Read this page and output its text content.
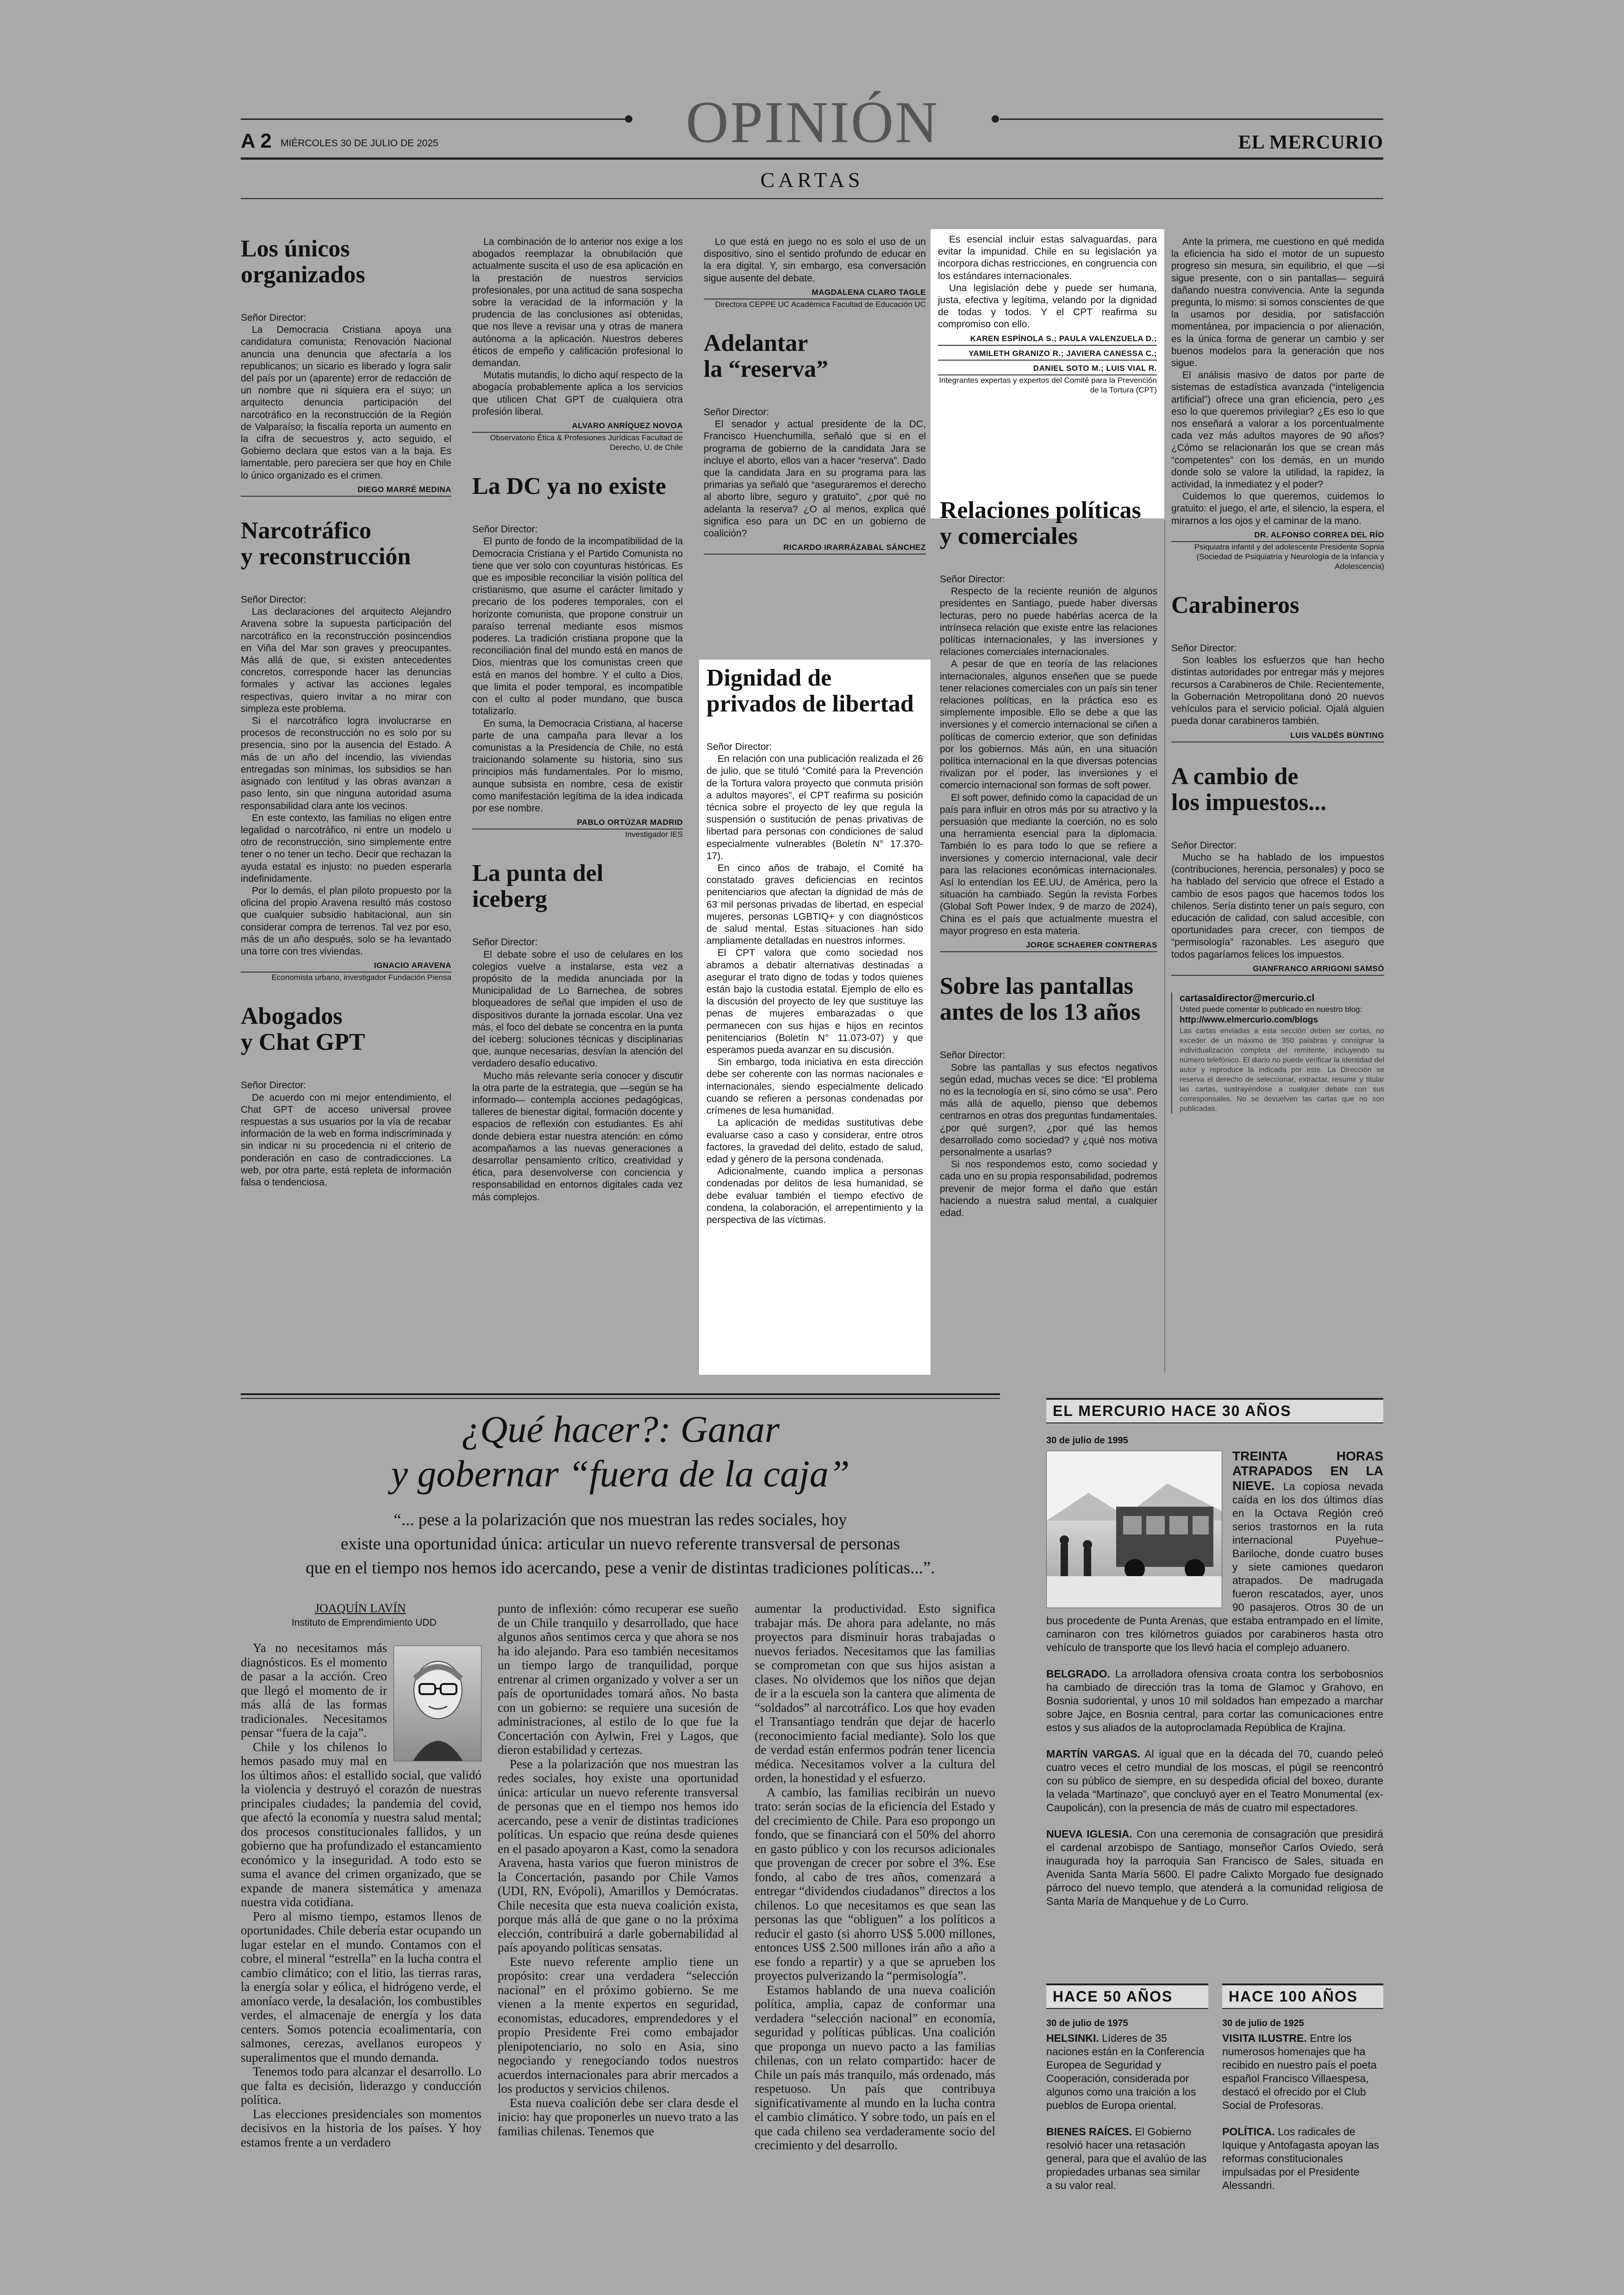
OPINIÓN
A 2 MIÉRCOLES 30 DE JULIO DE 2025	EL MERCURIO
CARTAS
Los únicos
organizados

Señor Director:

La Democracia Cristiana apoya una candidatura comunista; Renovación Nacional anuncia una denuncia que afectaría a los republicanos; un sicario es liberado y logra salir del país por un (aparente) error de redacción de un nombre que ni siquiera era el suyo; un arquitecto denuncia participación del narcotráfico en la reconstrucción de la Región de Valparaíso; la fiscalía reporta un aumento en la cifra de secuestros y, acto seguido, el Gobierno declara que estos van a la baja. Es lamentable, pero pareciera ser que hoy en Chile lo único organizado es el crimen.

DIEGO MARRÉ MEDINA
Narcotráfico
y reconstrucción

Señor Director:

Las declaraciones del arquitecto Alejandro Aravena sobre la supuesta participación del narcotráfico en la reconstrucción posincendios en Viña del Mar son graves y preocupantes. Más allá de que, si existen antecedentes concretos, corresponde hacer las denuncias formales y activar las acciones legales respectivas, quiero invitar a no mirar con simpleza este problema.

Si el narcotráfico logra involucrarse en procesos de reconstrucción no es solo por su presencia, sino por la ausencia del Estado. A más de un año del incendio, las viviendas entregadas son mínimas, los subsidios se han asignado con lentitud y las obras avanzan a paso lento, sin que ninguna autoridad asuma responsabilidad clara ante los vecinos.

En este contexto, las familias no eligen entre legalidad o narcotráfico, ni entre un modelo u otro de reconstrucción, sino simplemente entre tener o no tener un techo. Decir que rechazan la ayuda estatal es injusto: no pueden esperarla indefinidamente.

Por lo demás, el plan piloto propuesto por la oficina del propio Aravena resultó más costoso que cualquier subsidio habitacional, aun sin considerar compra de terrenos. Tal vez por eso, más de un año después, solo se ha levantado una torre con tres viviendas.

IGNACIO ARAVENA

Economista urbano, investigador Fundación Piensa

Abogados
y Chat GPT

Señor Director:

De acuerdo con mi mejor entendimiento, el Chat GPT de acceso universal provee respuestas a sus usuarios por la vía de recabar información de la web en forma indiscriminada y sin indicar ni su procedencia ni el criterio de ponderación en caso de contradicciones. La web, por otra parte, está repleta de información falsa o tendenciosa.

La combinación de lo anterior nos exige a los abogados reemplazar la obnubilación que actualmente suscita el uso de esa aplicación en la prestación de nuestros servicios profesionales, por una actitud de sana sospecha sobre la veracidad de la información y la prudencia de las conclusiones así obtenidas, que nos lleve a revisar una y otras de manera autónoma a la aplicación. Nuestros deberes éticos de empeño y calificación profesional lo demandan.

Mutatis mutandis, lo dicho aquí respecto de la abogacía probablemente aplica a los servicios que utilicen Chat GPT de cualquiera otra profesión liberal.

ALVARO ANRÍQUEZ NOVOA

Observatorio Ética & Profesiones Jurídicas Facultad de Derecho, U. de Chile

La DC ya no existe

Señor Director:

El punto de fondo de la incompatibilidad de la Democracia Cristiana y el Partido Comunista no tiene que ver solo con coyunturas históricas. Es que es imposible reconciliar la visión política del cristianismo, que asume el carácter limitado y precario de los poderes temporales, con el horizonte comunista, que propone construir un paraíso terrenal mediante esos mismos poderes. La tradición cristiana propone que la reconciliación final del mundo está en manos de Dios, mientras que los comunistas creen que está en manos del hombre. Y el culto a Dios, que limita el poder temporal, es incompatible con el culto al poder mundano, que busca totalizarlo.

En suma, la Democracia Cristiana, al hacerse parte de una campaña para llevar a los comunistas a la Presidencia de Chile, no está traicionando solamente su historia, sino sus principios más fundamentales. Por lo mismo, aunque subsista en nombre, cesa de existir como manifestación legítima de la idea indicada por ese nombre.

PABLO ORTÚZAR MADRID

Investigador IES

La punta del iceberg

Señor Director:

El debate sobre el uso de celulares en los colegios vuelve a instalarse, esta vez a propósito de la medida anunciada por la Municipalidad de Lo Barnechea, de sobres bloqueadores de señal que impiden el uso de dispositivos durante la jornada escolar. Una vez más, el foco del debate se concentra en la punta del iceberg: soluciones técnicas y disciplinarias que, aunque necesarias, desvían la atención del verdadero desafío educativo.

Mucho más relevante sería conocer y discutir la otra parte de la estrategia, que —según se ha informado— contempla acciones pedagógicas, talleres de bienestar digital, formación docente y espacios de reflexión con estudiantes. Es ahí donde debiera estar nuestra atención: en cómo acompañamos a las nuevas generaciones a desarrollar pensamiento crítico, creatividad y ética, para desenvolverse con conciencia y responsabilidad en entornos digitales cada vez más complejos.

Lo que está en juego no es solo el uso de un dispositivo, sino el sentido profundo de educar en la era digital. Y, sin embargo, esa conversación sigue ausente del debate.

MAGDALENA CLARO TAGLE

Directora CEPPE UC Académica Facultad de Educación UC

Adelantar
la “reserva”

Señor Director:

El senador y actual presidente de la DC, Francisco Huenchumilla, señaló que si en el programa de gobierno de la candidata Jara se incluye el aborto, ellos van a hacer “reserva”. Dado que la candidata Jara en su programa para las primarias ya señaló que “aseguraremos el derecho al aborto libre, seguro y gratuito”, ¿por qué no adelanta la reserva? ¿O al menos, explica qué significa eso para un DC en un gobierno de coalición?

RICARDO IRARRÁZABAL SÁNCHEZ
Dignidad de
privados de libertad

Señor Director:

En relación con una publicación realizada el 26 de julio, que se tituló “Comité para la Prevención de la Tortura valora proyecto que conmuta prisión a adultos mayores”, el CPT reafirma su posición técnica sobre el proyecto de ley que regula la suspensión o sustitución de penas privativas de libertad para personas con condiciones de salud especialmente vulnerables (Boletín N° 17.370-17).

En cinco años de trabajo, el Comité ha constatado graves deficiencias en recintos penitenciarios que afectan la dignidad de más de 63 mil personas privadas de libertad, en especial mujeres, personas LGBTIQ+ y con diagnósticos de salud mental. Estas situaciones han sido ampliamente detalladas en nuestros informes.

El CPT valora que como sociedad nos abramos a debatir alternativas destinadas a asegurar el trato digno de todas y todos quienes están bajo la custodia estatal. Ejemplo de ello es la discusión del proyecto de ley que sustituye las penas de mujeres embarazadas o que permanecen con sus hijas e hijos en recintos penitenciarios (Boletín N° 11.073-07) y que esperamos pueda avanzar en su discusión.

Sin embargo, toda iniciativa en esta dirección debe ser coherente con las normas nacionales e internacionales, siendo especialmente delicado cuando se refieren a personas condenadas por crímenes de lesa humanidad.

La aplicación de medidas sustitutivas debe evaluarse caso a caso y considerar, entre otros factores, la gravedad del delito, estado de salud, edad y género de la persona condenada.

Adicionalmente, cuando implica a personas condenadas por delitos de lesa humanidad, se debe evaluar también el tiempo efectivo de condena, la colaboración, el arrepentimiento y la perspectiva de las víctimas.

Es esencial incluir estas salvaguardas, para evitar la impunidad. Chile en su legislación ya incorpora dichas restricciones, en congruencia con los estándares internacionales.

Una legislación debe y puede ser humana, justa, efectiva y legítima, velando por la dignidad de todas y todos. Y el CPT reafirma su compromiso con ello.

KAREN ESPÍNOLA S.; PAULA VALENZUELA D.;
YAMILETH GRANIZO R.; JAVIERA CANESSA C.;
DANIEL SOTO M.; LUIS VIAL R.

Integrantes expertas y expertos del Comité para la Prevención de la Tortura (CPT)

Relaciones políticas
y comerciales

Señor Director:

Respecto de la reciente reunión de algunos presidentes en Santiago, puede haber diversas lecturas, pero no puede habérlas acerca de la intrínseca relación que existe entre las relaciones políticas internacionales, y las inversiones y relaciones comerciales internacionales.

A pesar de que en teoría de las relaciones internacionales, algunos enseñen que se puede tener relaciones comerciales con un país sin tener relaciones políticas, en la práctica eso es simplemente imposible. Ello se debe a que las inversiones y el comercio internacional se ciñen a políticas de comercio exterior, que son definidas por los gobiernos. Más aún, en una situación política internacional en la que diversas potencias rivalizan por el poder, las inversiones y el comercio internacional son formas de soft power.

El soft power, definido como la capacidad de un país para influir en otros más por su atractivo y la persuasión que mediante la coerción, no es solo una herramienta esencial para la diplomacia. También lo es para todo lo que se refiere a inversiones y comercio internacional, vale decir para las relaciones económicas internacionales. Así lo entendían los EE.UU. de América, pero la situación ha cambiado. Según la revista Forbes (Global Soft Power Index, 9 de marzo de 2024), China es el país que actualmente muestra el mayor progreso en esta materia.

JORGE SCHAERER CONTRERAS
Sobre las pantallas
antes de los 13 años

Señor Director:

Sobre las pantallas y sus efectos negativos según edad, muchas veces se dice: “El problema no es la tecnología en sí, sino cómo se usa”. Pero más allá de aquello, pienso que debemos centrarnos en otras dos preguntas fundamentales. ¿por qué surgen?, ¿por qué las hemos desarrollado como sociedad? y ¿qué nos motiva personalmente a usarlas?

Si nos respondemos esto, como sociedad y cada uno en su propia responsabilidad, podremos prevenir de mejor forma el daño que están haciendo a nuestra salud mental, a cualquier edad.

Ante la primera, me cuestiono en qué medida la eficiencia ha sido el motor de un supuesto progreso sin mesura, sin equilibrio, el que —si sigue presente, con o sin pantallas— seguirá dañando nuestra convivencia. Ante la segunda pregunta, lo mismo: si somos conscientes de que la usamos por desidia, por satisfacción momentánea, por impaciencia o por alienación, es la única forma de generar un cambio y ser buenos modelos para la generación que nos sigue.

El análisis masivo de datos por parte de sistemas de estadística avanzada (“inteligencia artificial”) ofrece una gran eficiencia, pero ¿es eso lo que queremos privilegiar? ¿Es eso lo que nos enseñará a valorar a los porcentualmente cada vez más adultos mayores de 90 años? ¿Cómo se relacionarán los que se crean más “competentes” con los demás, en un mundo donde solo se valore la utilidad, la rapidez, la actividad, la inmediatez y el poder?

Cuidemos lo que queremos, cuidemos lo gratuito: el juego, el arte, el silencio, la espera, el mirarnos a los ojos y el caminar de la mano.

DR. ALFONSO CORREA DEL RÍO

Psiquiatra infantil y del adolescente Presidente Sopnia (Sociedad de Psiquiatría y Neurología de la Infancia y Adolescencia)

Carabineros

Señor Director:

Son loables los esfuerzos que han hecho distintas autoridades por entregar más y mejores recursos a Carabineros de Chile. Recientemente, la Gobernación Metropolitana donó 20 nuevos vehículos para el servicio policial. Ojalá alguien pueda donar carabineros también.

LUIS VALDÉS BÜNTING
A cambio de
los impuestos...

Señor Director:

Mucho se ha hablado de los impuestos (contribuciones, herencia, personales) y poco se ha hablado del servicio que ofrece el Estado a cambio de esos pagos que hacemos todos los chilenos. Sería distinto tener un país seguro, con educación de calidad, con salud accesible, con oportunidades para crecer, con tiempos de “permisología” razonables. Les aseguro que todos pagaríamos felices los impuestos.

GIANFRANCO ARRIGONI SAMSÓ
cartasaldirector@mercurio.cl
Usted puede comentar lo publicado en nuestro blog:
http://www.elmercurio.com/blogs
Las cartas enviadas a esta sección deben ser cortas, no exceder de un máximo de 350 palabras y consignar la individualización completa del remitente, incluyendo su número telefónico. El diario no puede verificar la identidad del autor y reproduce la indicada por este. La Dirección se reserva el derecho de seleccionar, extractar, resumir y titular las cartas, sustrayéndose a cualquier debate con sus corresponsales. No se devuelven las cartas que no son publicadas.
¿Qué hacer?: Ganar
y gobernar “fuera de la caja”
“... pese a la polarización que nos muestran las redes sociales, hoy
existe una oportunidad única: articular un nuevo referente transversal de personas
que en el tiempo nos hemos ido acercando, pese a venir de distintas tradiciones políticas...”.
JOAQUÍN LAVÍN
Instituto de Emprendimiento UDD

Ya no necesitamos más diagnósticos. Es el momento de pasar a la acción. Creo que llegó el momento de ir más allá de las formas tradicionales. Necesitamos pensar “fuera de la caja”.

Chile y los chilenos lo hemos pasado muy mal en los últimos años: el estallido social, que validó la violencia y destruyó el corazón de nuestras principales ciudades; la pandemia del covid, que afectó la economía y nuestra salud mental; dos procesos constitucionales fallidos, y un gobierno que ha profundizado el estancamiento económico y la inseguridad. A todo esto se suma el avance del crimen organizado, que se expande de manera sistemática y amenaza nuestra vida cotidiana.

Pero al mismo tiempo, estamos llenos de oportunidades. Chile debería estar ocupando un lugar estelar en el mundo. Contamos con el cobre, el mineral “estrella” en la lucha contra el cambio climático; con el litio, las tierras raras, la energía solar y eólica, el hidrógeno verde, el amoníaco verde, la desalación, los combustibles verdes, el almacenaje de energía y los data centers. Somos potencia ecoalimentaria, con salmones, cerezas, avellanos europeos y superalimentos que el mundo demanda.

Tenemos todo para alcanzar el desarrollo. Lo que falta es decisión, liderazgo y conducción política.

Las elecciones presidenciales son momentos decisivos en la historia de los países. Y hoy estamos frente a un verdadero

punto de inflexión: cómo recuperar ese sueño de un Chile tranquilo y desarrollado, que hace algunos años sentimos cerca y que ahora se nos ha ido alejando. Para eso también necesitamos un tiempo largo de tranquilidad, porque entrenar al crimen organizado y volver a ser un país de oportunidades tomará años. No basta con un gobierno: se requiere una sucesión de administraciones, al estilo de lo que fue la Concertación con Aylwin, Frei y Lagos, que dieron estabilidad y certezas.

Pese a la polarización que nos muestran las redes sociales, hoy existe una oportunidad única: articular un nuevo referente transversal de personas que en el tiempo nos hemos ido acercando, pese a venir de distintas tradiciones políticas. Un espacio que reúna desde quienes en el pasado apoyaron a Kast, como la senadora Aravena, hasta varios que fueron ministros de la Concertación, pasando por Chile Vamos (UDI, RN, Evópoli), Amarillos y Demócratas. Chile necesita que esta nueva coalición exista, porque más allá de que gane o no la próxima elección, contribuirá a darle gobernabilidad al país apoyando políticas sensatas.

Este nuevo referente amplio tiene un propósito: crear una verdadera “selección nacional” en el próximo gobierno. Se me vienen a la mente expertos en seguridad, economistas, educadores, emprendedores y el propio Presidente Frei como embajador plenipotenciario, no solo en Asia, sino negociando y renegociando todos nuestros acuerdos internacionales para abrir mercados a los productos y servicios chilenos.

Esta nueva coalición debe ser clara desde el inicio: hay que proponerles un nuevo trato a las familias chilenas. Tenemos que

aumentar la productividad. Esto significa trabajar más. De ahora para adelante, no más proyectos para disminuir horas trabajadas o nuevos feriados. Necesitamos que las familias se comprometan con que sus hijos asistan a clases. No olvidemos que los niños que dejan de ir a la escuela son la cantera que alimenta de “soldados” al narcotráfico. Los que hoy evaden el Transantiago tendrán que dejar de hacerlo (reconocimiento facial mediante). Solo los que de verdad están enfermos podrán tener licencia médica. Necesitamos volver a la cultura del orden, la honestidad y el esfuerzo.

A cambio, las familias recibirán un nuevo trato: serán socias de la eficiencia del Estado y del crecimiento de Chile. Para eso propongo un fondo, que se financiará con el 50% del ahorro en gasto público y con los recursos adicionales que provengan de crecer por sobre el 3%. Ese fondo, al cabo de tres años, comenzará a entregar “dividendos ciudadanos” directos a los chilenos. Lo que necesitamos es que sean las personas las que “obliguen” a los políticos a reducir el gasto (si ahorro US$ 5.000 millones, entonces US$ 2.500 millones irán año a año a ese fondo a repartir) y a que se aprueben los proyectos pulverizando la “permisología”.

Estamos hablando de una nueva coalición política, amplia, capaz de conformar una verdadera “selección nacional” en economía, seguridad y políticas públicas. Una coalición que proponga un nuevo pacto a las familias chilenas, con un relato compartido: hacer de Chile un país más tranquilo, más ordenado, más respetuoso. Un país que contribuya significativamente al mundo en la lucha contra el cambio climático. Y sobre todo, un país en el que cada chileno sea verdaderamente socio del crecimiento y del desarrollo.

EL MERCURIO HACE 30 AÑOS
30 de julio de 1995

TREINTA HORAS ATRAPADOS EN LA NIEVE. La copiosa nevada caída en los dos últimos días en la Octava Región creó serios trastornos en la ruta internacional Puyehue–Bariloche, donde cuatro buses y siete camiones quedaron atrapados. De madrugada fueron rescatados, ayer, unos 90 pasajeros. Otros 30 de un bus procedente de Punta Arenas, que estaba entrampado en el límite, caminaron con tres kilómetros guiados por carabineros hasta otro vehículo de transporte que los llevó hacia el complejo aduanero.

BELGRADO. La arrolladora ofensiva croata contra los serbobosnios ha cambiado de dirección tras la toma de Glamoc y Grahovo, en Bosnia sudoriental, y unos 10 mil soldados han empezado a marchar sobre Jajce, en Bosnia central, para cortar las comunicaciones entre estos y sus aliados de la autoproclamada República de Krajina.

MARTÍN VARGAS. Al igual que en la década del 70, cuando peleó cuatro veces el cetro mundial de los moscas, el púgil se reencontró con su público de siempre, en su despedida oficial del boxeo, durante la velada “Martinazo”, que concluyó ayer en el Teatro Monumental (ex-Caupolicán), con la presencia de más de cuatro mil espectadores.

NUEVA IGLESIA. Con una ceremonia de consagración que presidirá el cardenal arzobispo de Santiago, monseñor Carlos Oviedo, será inaugurada hoy la parroquia San Francisco de Sales, situada en Avenida Santa María 5600. El padre Calixto Morgado fue designado párroco del nuevo templo, que atenderá a la comunidad religiosa de Santa María de Manquehue y de Lo Curro.

HACE 50 AÑOS
30 de julio de 1975

HELSINKI. Líderes de 35 naciones están en la Conferencia Europea de Seguridad y Cooperación, considerada por algunos como una traición a los pueblos de Europa oriental.

BIENES RAÍCES. El Gobierno resolvió hacer una retasación general, para que el avalúo de las propiedades urbanas sea similar a su valor real.

HACE 100 AÑOS
30 de julio de 1925

VISITA ILUSTRE. Entre los numerosos homenajes que ha recibido en nuestro país el poeta español Francisco Villaespesa, destacó el ofrecido por el Club Social de Profesoras.

POLÍTICA. Los radicales de Iquique y Antofagasta apoyan las reformas constitucionales impulsadas por el Presidente Alessandri.
